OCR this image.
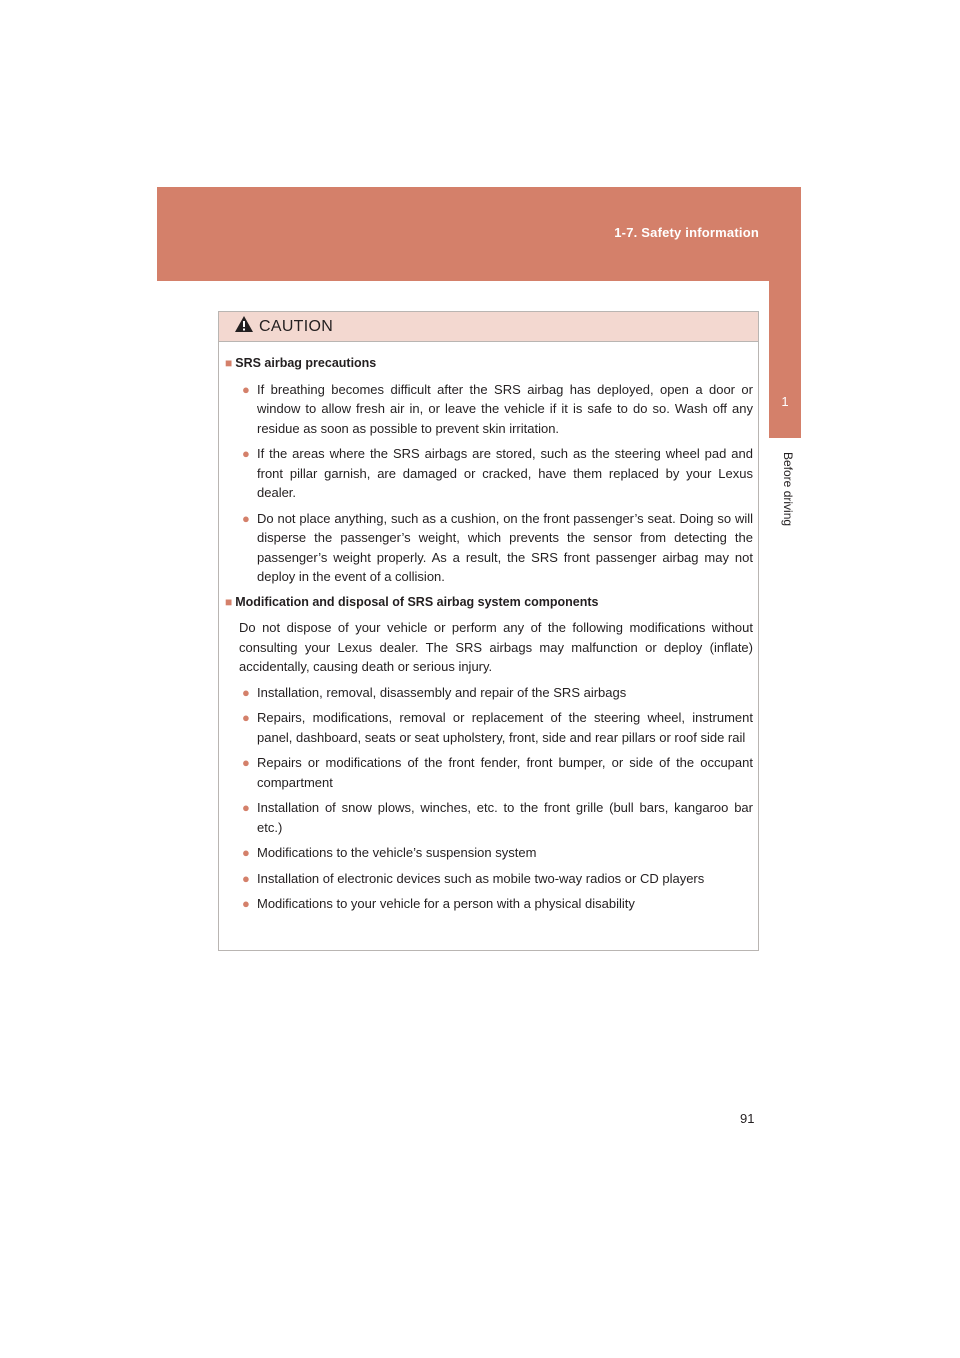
1-7. Safety information
1
Before driving
CAUTION
■ SRS airbag precautions
● If breathing becomes difficult after the SRS airbag has deployed, open a door or window to allow fresh air in, or leave the vehicle if it is safe to do so. Wash off any residue as soon as possible to prevent skin irritation.
● If the areas where the SRS airbags are stored, such as the steering wheel pad and front pillar garnish, are damaged or cracked, have them replaced by your Lexus dealer.
● Do not place anything, such as a cushion, on the front passenger’s seat. Doing so will disperse the passenger’s weight, which prevents the sensor from detecting the passenger’s weight properly. As a result, the SRS front passenger airbag may not deploy in the event of a collision.
■ Modification and disposal of SRS airbag system components
Do not dispose of your vehicle or perform any of the following modifications without consulting your Lexus dealer. The SRS airbags may malfunction or deploy (inflate) accidentally, causing death or serious injury.
● Installation, removal, disassembly and repair of the SRS airbags
● Repairs, modifications, removal or replacement of the steering wheel, instrument panel, dashboard, seats or seat upholstery, front, side and rear pillars or roof side rail
● Repairs or modifications of the front fender, front bumper, or side of the occupant compartment
● Installation of snow plows, winches, etc. to the front grille (bull bars, kangaroo bar etc.)
● Modifications to the vehicle’s suspension system
● Installation of electronic devices such as mobile two-way radios or CD players
● Modifications to your vehicle for a person with a physical disability
91
